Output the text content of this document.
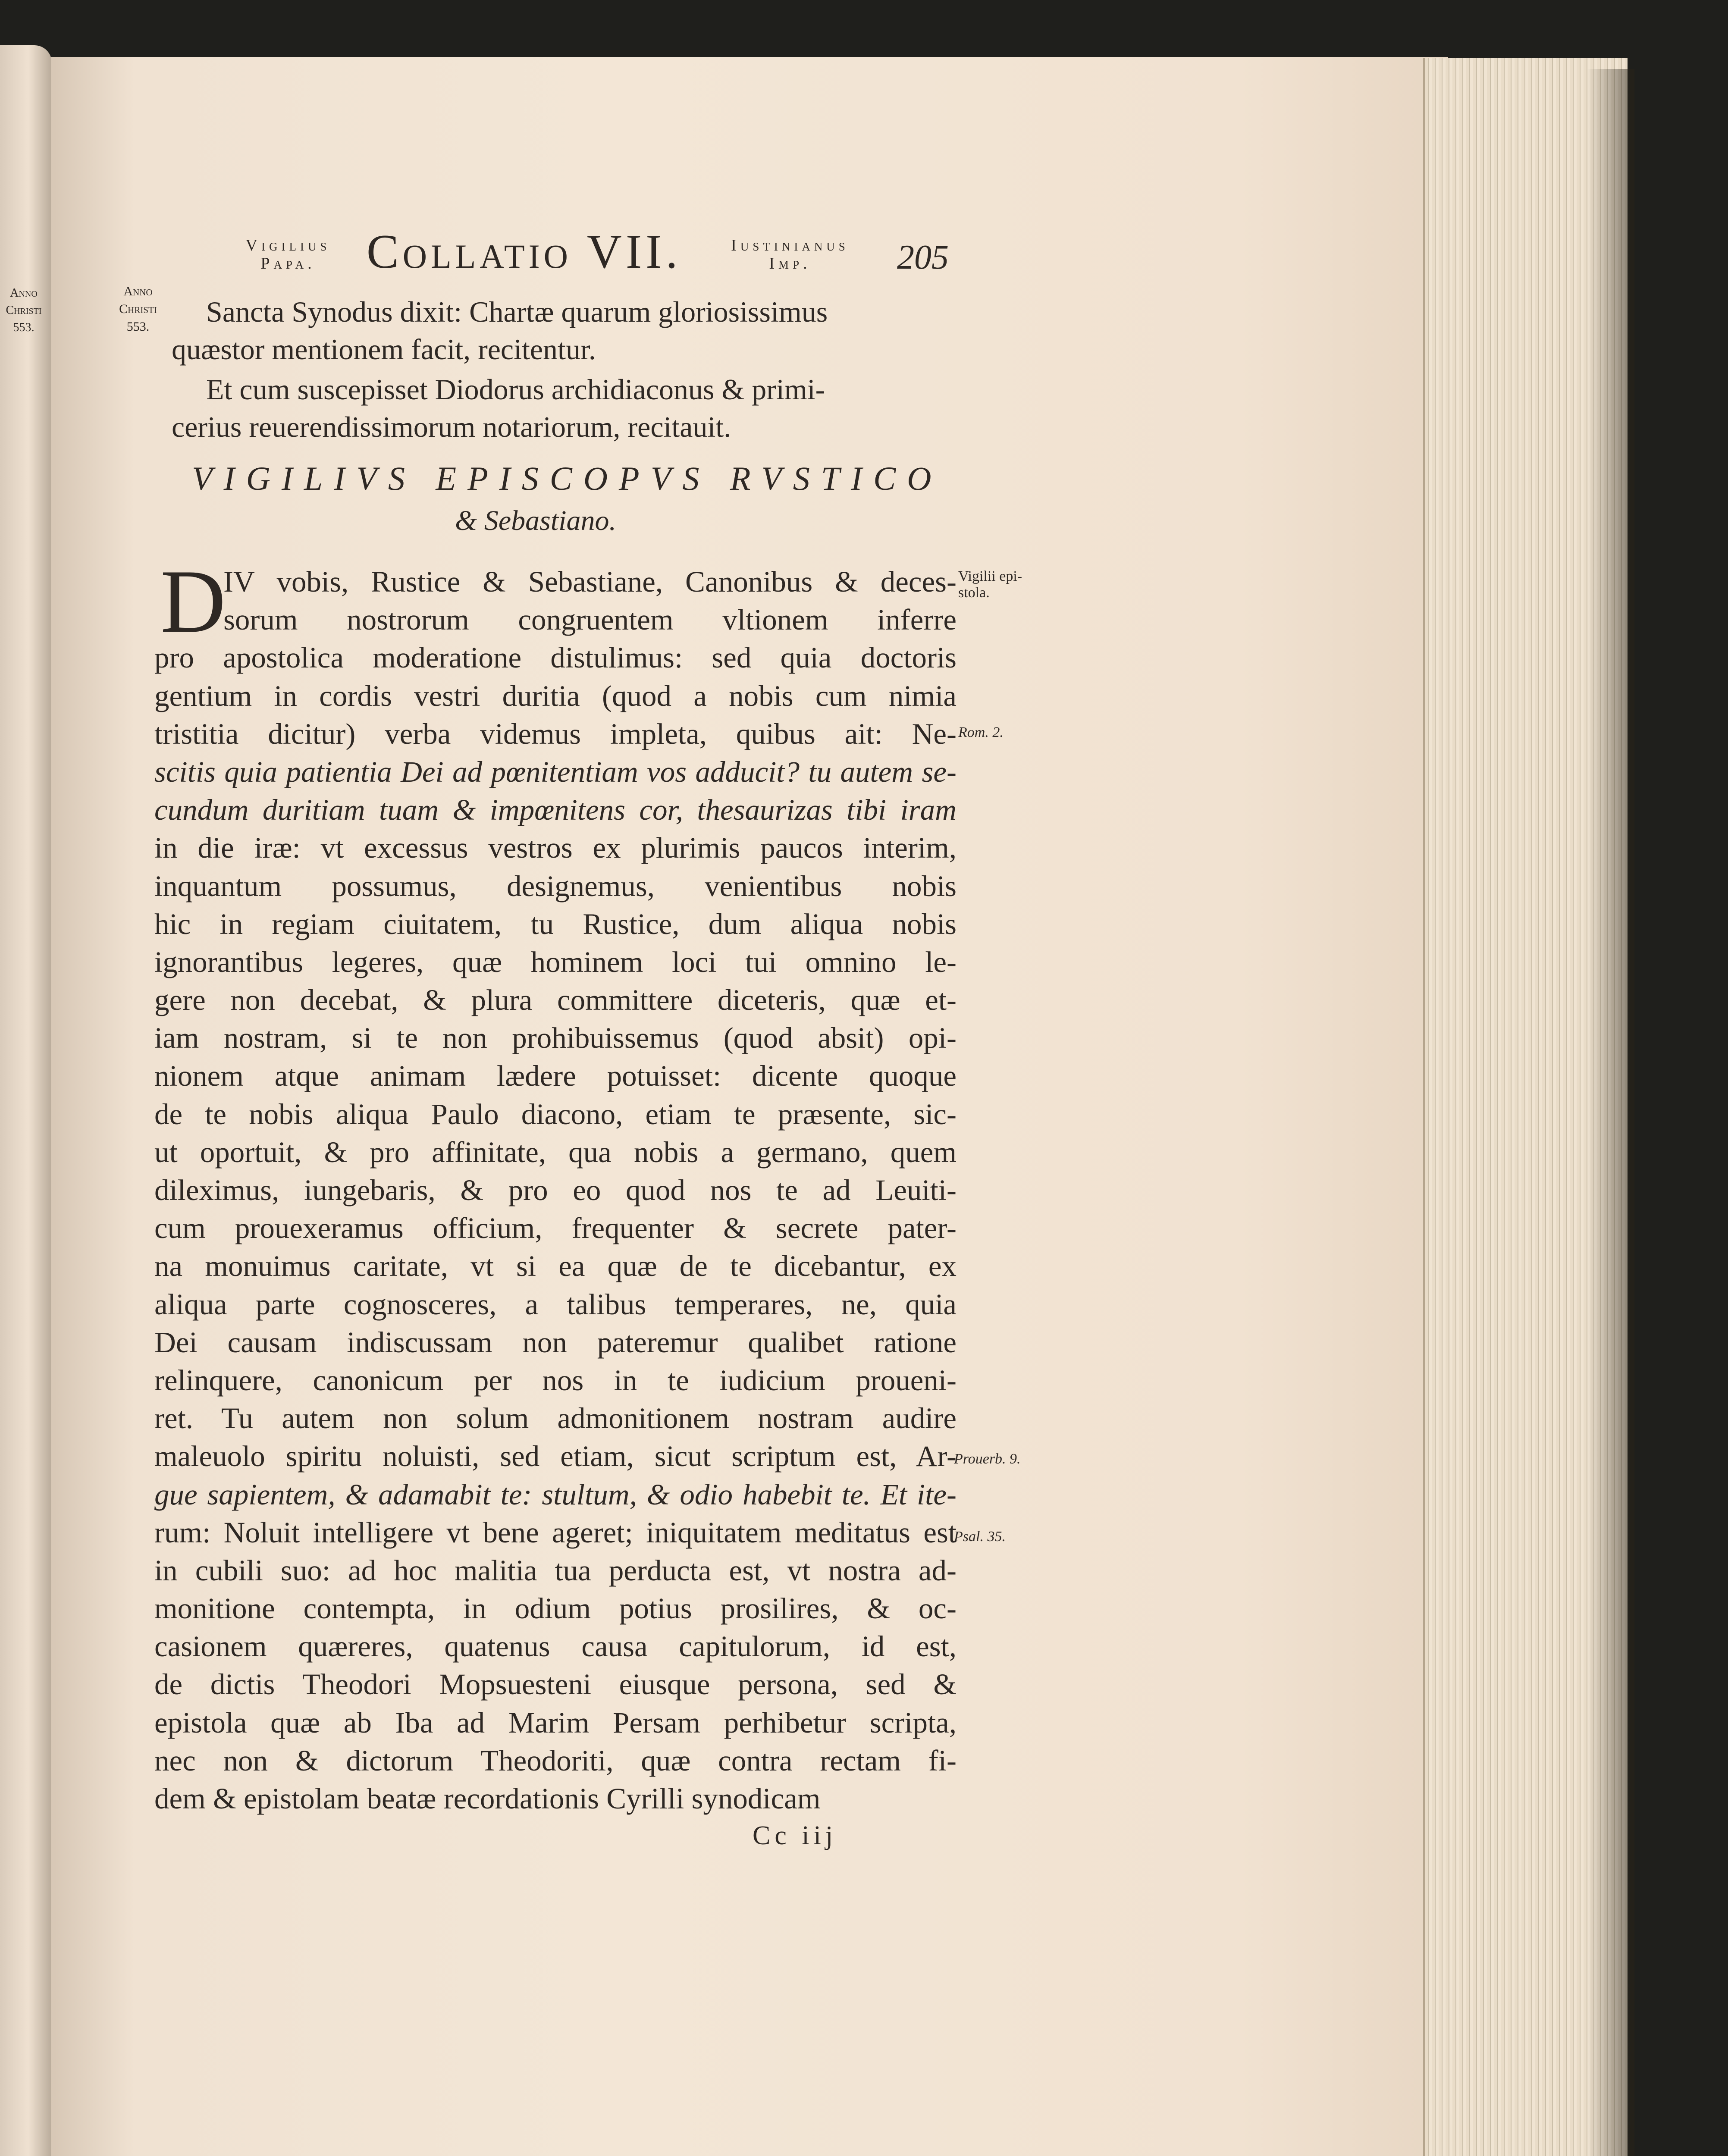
Anno
Christi
553.
Vigilius
Papa.	Collatio VII.	Iustinianus
Imp.	205
Anno
Christi
553.	Sancta Synodus dixit: Chartæ quarum gloriosissimus
quæstor mentionem facit, recitentur.
Et cum suscepisset Diodorus archidiaconus & primi-
cerius reuerendissimorum notariorum, recitauit.
VIGILIVS EPISCOPVS RVSTICO
& Sebastiano.
D
IV vobis, Rustice & Sebastiane, Canonibus & deces-
sorum nostrorum congruentem vltionem inferre
pro apostolica moderatione distulimus: sed quia doctoris
gentium in cordis vestri duritia (quod a nobis cum nimia
tristitia dicitur) verba videmus impleta, quibus ait: Ne-
scitis quia patientia Dei ad pœnitentiam vos adducit? tu autem se-
cundum duritiam tuam & impœnitens cor, thesaurizas tibi iram
in die iræ: vt excessus vestros ex plurimis paucos interim,
inquantum possumus, designemus, venientibus nobis
hic in regiam ciuitatem, tu Rustice, dum aliqua nobis
ignorantibus legeres, quæ hominem loci tui omnino le-
gere non decebat, & plura committere diceteris, quæ et-
iam nostram, si te non prohibuissemus (quod absit) opi-
nionem atque animam lædere potuisset: dicente quoque
de te nobis aliqua Paulo diacono, etiam te præsente, sic-
ut oportuit, & pro affinitate, qua nobis a germano, quem
dileximus, iungebaris, & pro eo quod nos te ad Leuiti-
cum prouexeramus officium, frequenter & secrete pater-
na monuimus caritate, vt si ea quæ de te dicebantur, ex
aliqua parte cognosceres, a talibus temperares, ne, quia
Dei causam indiscussam non pateremur qualibet ratione
relinquere, canonicum per nos in te iudicium proueni-
ret. Tu autem non solum admonitionem nostram audire
maleuolo spiritu noluisti, sed etiam, sicut scriptum est, Ar-
gue sapientem, & adamabit te: stultum, & odio habebit te. Et ite-
rum: Noluit intelligere vt bene ageret; iniquitatem meditatus est
in cubili suo: ad hoc malitia tua perducta est, vt nostra ad-
monitione contempta, in odium potius prosilires, & oc-
casionem quæreres, quatenus causa capitulorum, id est,
de dictis Theodori Mopsuesteni eiusque persona, sed &
epistola quæ ab Iba ad Marim Persam perhibetur scripta,
nec non & dictorum Theodoriti, quæ contra rectam fi-
dem & epistolam beatæ recordationis Cyrilli synodicam
Vigilii epi-
stola.
Rom. 2.
Prouerb. 9.
Psal. 35.
Cc iij
